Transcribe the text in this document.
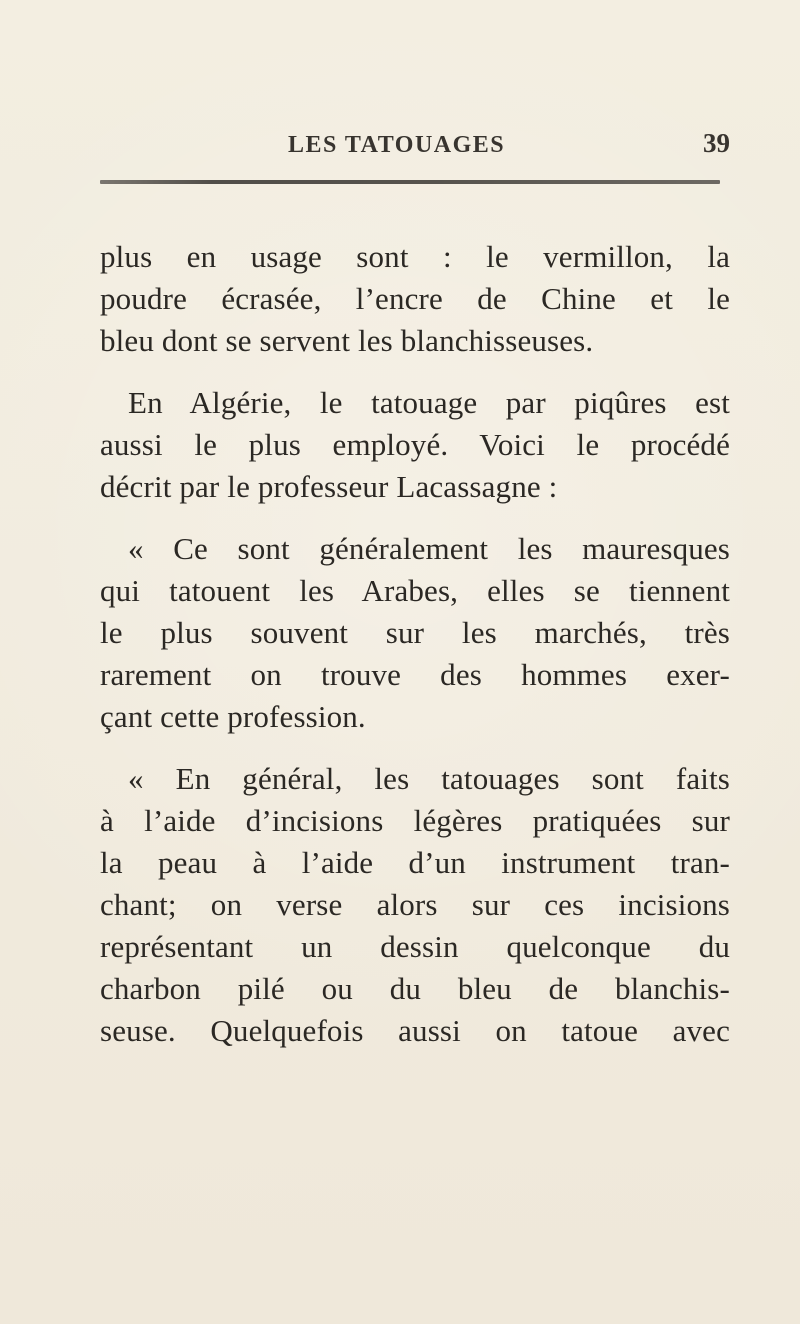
LES TATOUAGES	39
plus en usage sont : le vermillon, la
poudre écrasée, l’encre de Chine et le
bleu dont se servent les blanchisseuses.
En Algérie, le tatouage par piqûres est
aussi le plus employé. Voici le procédé
décrit par le professeur Lacassagne :
« Ce sont généralement les mauresques
qui tatouent les Arabes, elles se tiennent
le plus souvent sur les marchés, très
rarement on trouve des hommes exer-
çant cette profession.
« En général, les tatouages sont faits
à l’aide d’incisions légères pratiquées sur
la peau à l’aide d’un instrument tran-
chant; on verse alors sur ces incisions
représentant un dessin quelconque du
charbon pilé ou du bleu de blanchis-
seuse. Quelquefois aussi on tatoue avec
